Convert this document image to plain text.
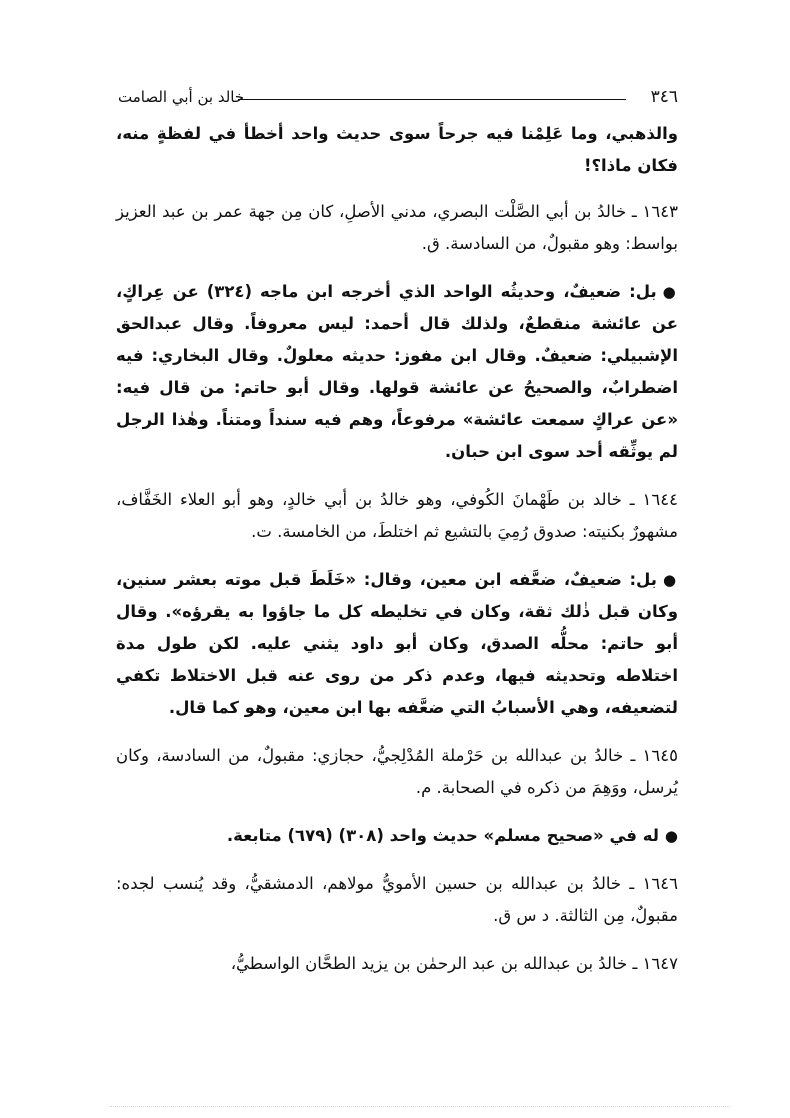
٣٤٦
خالد بن أبي الصامت

والذهبي، وما عَلِمْنا فيه جرحاً سوى حديث واحد أخطأ في لفظةٍ منه، فكان ماذا؟!

١٦٤٣ ـ خالدُ بن أبي الصَّلْت البصري، مدني الأصلِ، كان مِن جهة عمر بن عبد العزيز بواسط: وهو مقبولٌ، من السادسة. ق.

●بل: ضعيفٌ، وحديثُه الواحد الذي أخرجه ابن ماجه (٣٢٤) عن عِراكٍ، عن عائشة منقطعٌ، ولذلك قال أحمد: ليس معروفاً. وقال عبدالحق الإشبيلي: ضعيفٌ. وقال ابن مفوز: حديثه معلولٌ. وقال البخاري: فيه اضطرابٌ، والصحيحُ عن عائشة قولها. وقال أبو حاتم: من قال فيه: «عن عراكٍ سمعت عائشة» مرفوعاً، وهم فيه سنداً ومتناً. وهٰذا الرجل لم يوثِّقه أحد سوى ابن حبان.

١٦٤٤ ـ خالد بن طَهْمانَ الكُوفي، وهو خالدُ بن أبي خالدٍ، وهو أبو العلاء الخَفَّاف، مشهورٌ بكنيته: صدوق رُمِيَ بالتشيع ثم اختلطَ، من الخامسة. ت.

●بل: ضعيفٌ، ضعَّفه ابن معين، وقال: «خَلَطَ قبل موته بعشر سنين، وكان قبل ذٰلك ثقة، وكان في تخليطه كل ما جاؤوا به يقرؤه». وقال أبو حاتم: محلُّه الصدق، وكان أبو داود يثني عليه. لكن طول مدة اختلاطه وتحديثه فيها، وعدم ذكر من روى عنه قبل الاختلاط تكفي لتضعيفه، وهي الأسبابُ التي ضعَّفه بها ابن معين، وهو كما قال.

١٦٤٥ ـ خالدُ بن عبدالله بن حَرْملة المُدْلِجيُّ، حجازي: مقبولٌ، من السادسة، وكان يُرسل، ووَهِمَ من ذكره في الصحابة. م.

●له في «صحيح مسلم» حديث واحد (٣٠٨) (٦٧٩) متابعة.

١٦٤٦ ـ خالدُ بن عبدالله بن حسين الأمويُّ مولاهم، الدمشقيُّ، وقد يُنسب لجده: مقبولٌ، مِن الثالثة. د س ق.

١٦٤٧ ـ خالدُ بن عبدالله بن عبد الرحمٰن بن يزيد الطحَّان الواسطيُّ،
